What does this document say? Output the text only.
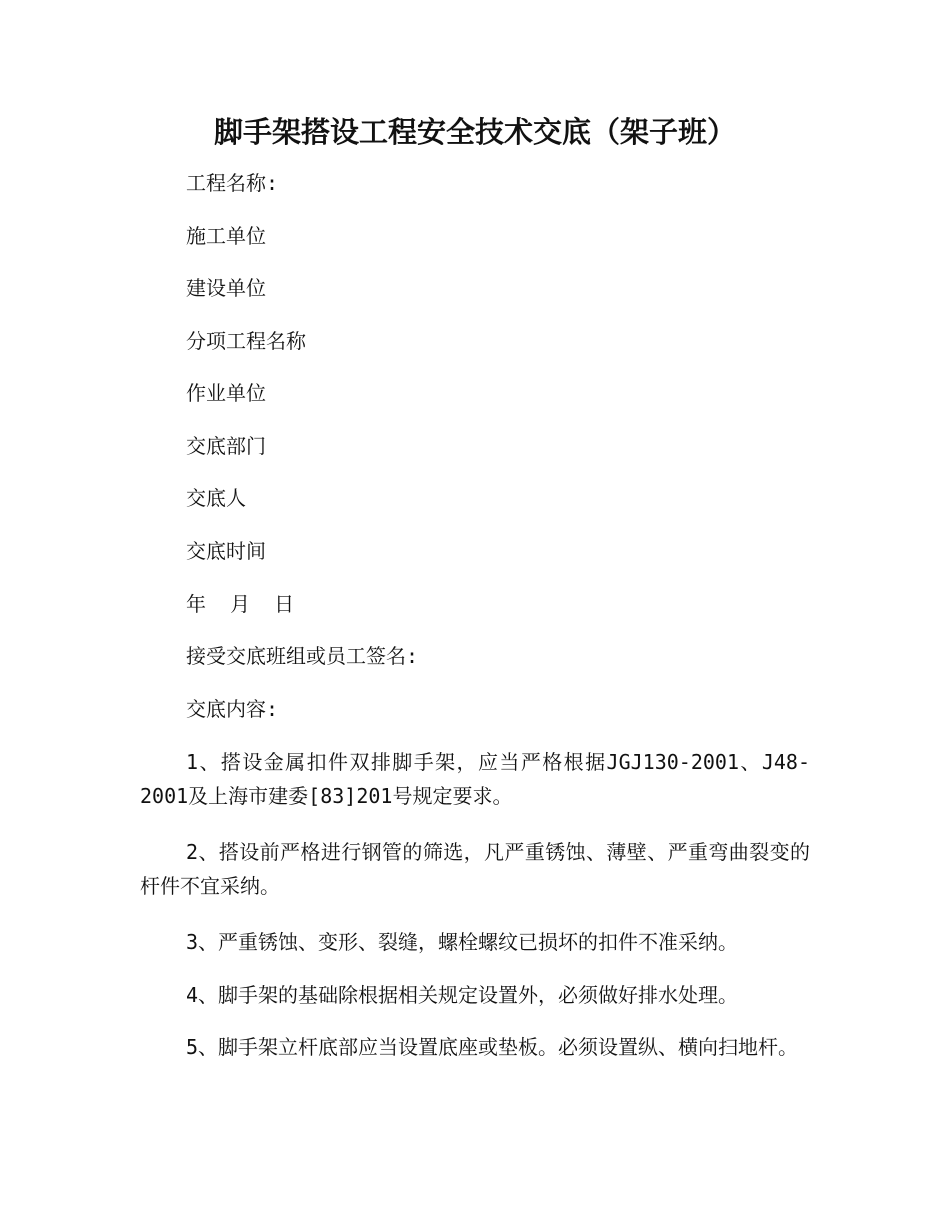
脚手架搭设工程安全技术交底（架子班）
工程名称:
施工单位
建设单位
分项工程名称
作业单位
交底部门
交底人
交底时间
年  月  日
接受交底班组或员工签名:
交底内容:
1、搭设金属扣件双排脚手架，应当严格根据JGJ130-2001、J48-2001及上海市建委[83]201号规定要求。
2、搭设前严格进行钢管的筛选，凡严重锈蚀、薄壁、严重弯曲裂变的杆件不宜采纳。
3、严重锈蚀、变形、裂缝，螺栓螺纹已损坏的扣件不准采纳。
4、脚手架的基础除根据相关规定设置外，必须做好排水处理。
5、脚手架立杆底部应当设置底座或垫板。必须设置纵、横向扫地杆。
